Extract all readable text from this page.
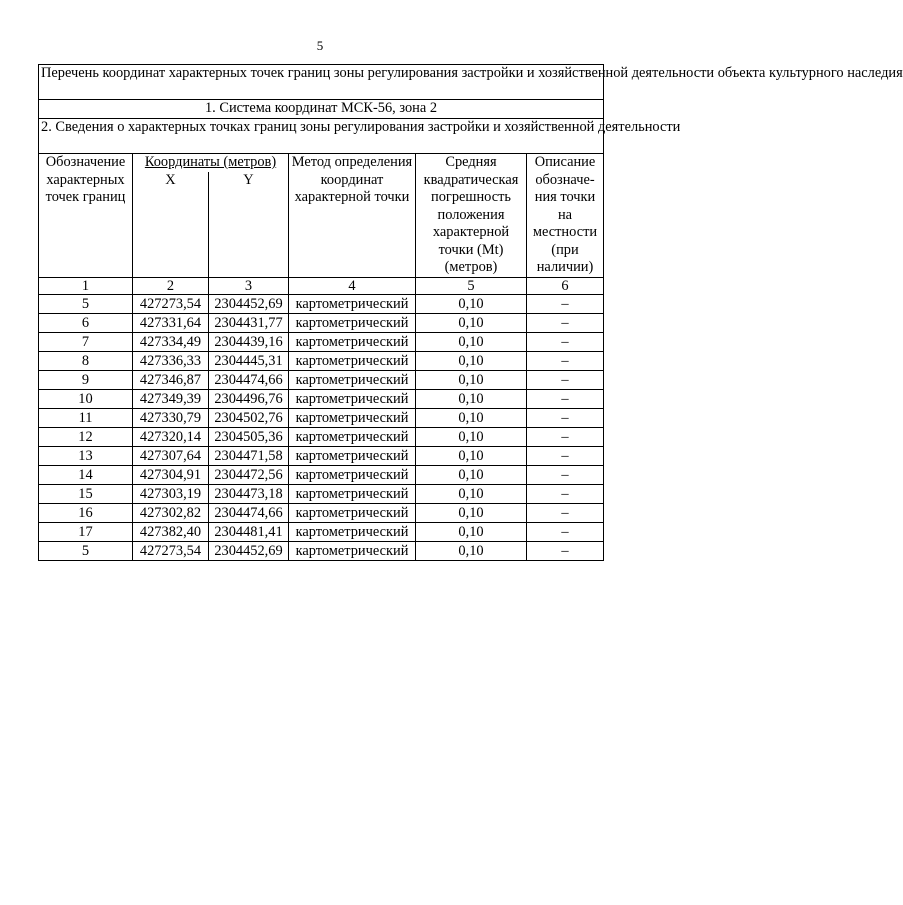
5
Перечень координат характерных точек границ зоны регулирования застройки и хозяйственной деятельности объекта культурного наследия					
1. Система координат МСК-56, зона 2					
2. Сведения о характерных точках границ зоны регулирования застройки и хозяйственной деятельности					
Обозначение характерных точек границ	Координаты (метров)		Метод определения координат характерной точки	Средняя квадратическая погрешность положения характерной точки (Mt) (метров)	Описание обозначе-ния точки на местности (при наличии)
	X	Y			
1	2	3	4	5	6
5	427273,54	2304452,69	картометрический	0,10	–
6	427331,64	2304431,77	картометрический	0,10	–
7	427334,49	2304439,16	картометрический	0,10	–
8	427336,33	2304445,31	картометрический	0,10	–
9	427346,87	2304474,66	картометрический	0,10	–
10	427349,39	2304496,76	картометрический	0,10	–
11	427330,79	2304502,76	картометрический	0,10	–
12	427320,14	2304505,36	картометрический	0,10	–
13	427307,64	2304471,58	картометрический	0,10	–
14	427304,91	2304472,56	картометрический	0,10	–
15	427303,19	2304473,18	картометрический	0,10	–
16	427302,82	2304474,66	картометрический	0,10	–
17	427382,40	2304481,41	картометрический	0,10	–
5	427273,54	2304452,69	картометрический	0,10	–
